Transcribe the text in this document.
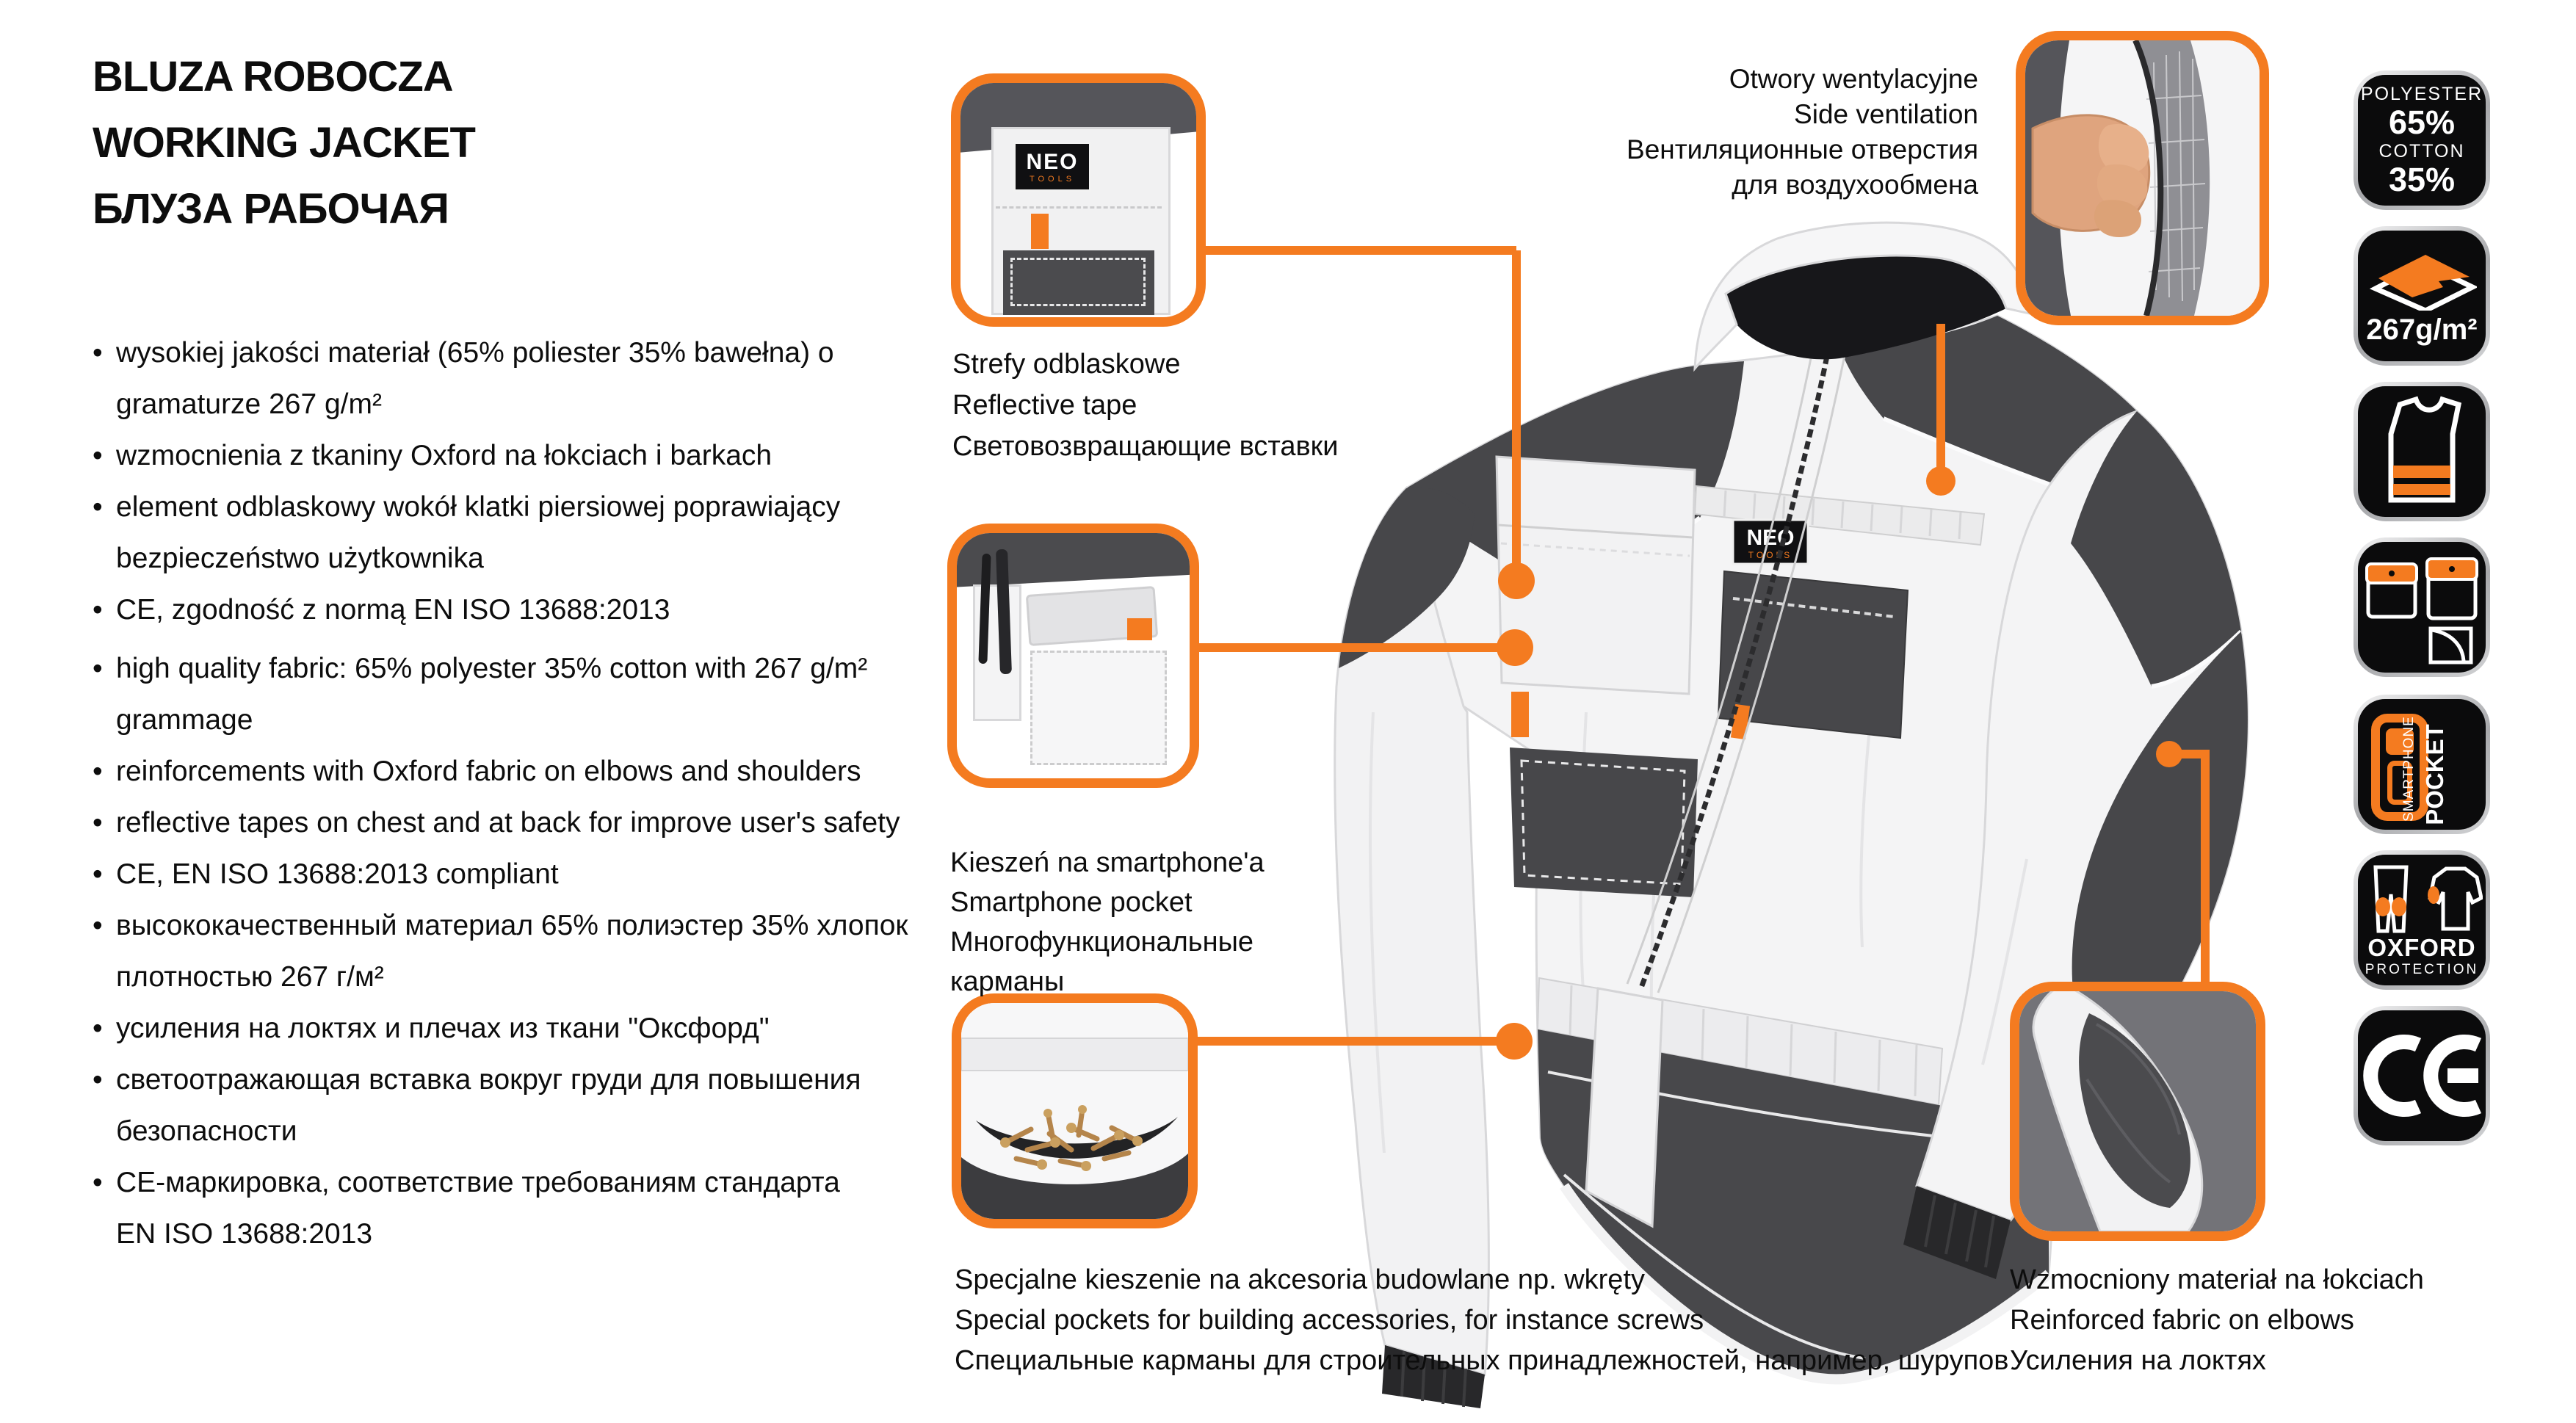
BLUZA ROBOCZA
WORKING JACKET
БЛУЗА РАБОЧАЯ
• wysokiej jakości materiał (65% poliester 35% bawełna) o
gramaturze 267 g/m²
• wzmocnienia z tkaniny Oxford na łokciach i barkach
• element odblaskowy wokół klatki piersiowej poprawiający
bezpieczeństwo użytkownika
• CE, zgodność z normą EN ISO 13688:2013
• high quality fabric: 65% polyester 35% cotton with 267 g/m²
grammage
• reinforcements with Oxford fabric on elbows and shoulders
• reflective tapes on chest and at back for improve user's safety
• CE, EN ISO 13688:2013 compliant
• высококачественный материал 65% полиэстер 35% хлопок
плотностью 267 г/м²
• усиления на локтях и плечах из ткани "Оксфорд"
• светоотражающая вставка вокруг груди для повышения
безопасности
• CE-маркировка, соответствие требованиям стандарта
EN ISO 13688:2013
NEO
TOOLS
NEO
TOOLS
Strefy odblaskowe
Reflective tape
Световозвращающие вставки
Otwory wentylacyjne
Side ventilation
Вентиляционные отверстия
для воздухообмена
Kieszeń na smartphone'a
Smartphone pocket
Многофункциональные
карманы
Specjalne kieszenie na akcesoria budowlane np. wkręty
Special pockets for building accessories, for instance screws
Специальные карманы для строительных принадлежностей, например, шурупов
Wzmocniony materiał na łokciach
Reinforced fabric on elbows
Усиления на локтях
POLYESTER
65%
COTTON
35%
267g/m²
SMARTPHONE POCKET
OXFORD
PROTECTION
